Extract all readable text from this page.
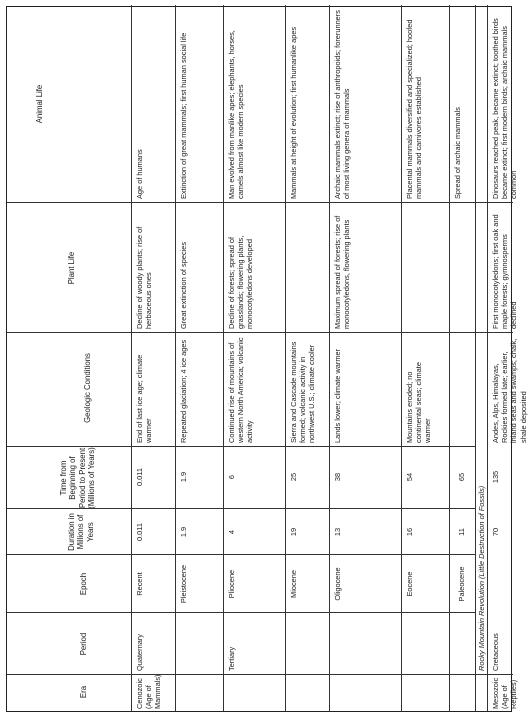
Era
Period
Epoch
Duration in Millions of Years
Time from Beginning of Period to Present (Millions of Years)
Geologic Conditions
Plant Life
Animal Life
Cenozoic (Age of Mammals)
Quaternary	Tertiary
Recent
0.011
0.011
End of last ice age; climate warmer
Decline of woody plants; rise of herbaceous ones
Age of humans
Pleistocene
1.9
1.9
Repeated glaciation; 4 ice ages
Great extinction of species
Extinction of great mammals; first human social life
Pliocene
4
6
Continued rise of mountains of western North America; volcanic activity
Decline of forests; spread of grasslands; flowering plants, monocotyledons developed
Man evolved from manlike apes; elephants, horses, camels almost like modern species
Miocene
19
25
Sierra and Cascade mountains formed; volcanic activity in northwest U.S.; climate cooler
Mammals at height of evolution; first humanlike apes
Oligocene
13
38
Lands lower; climate warmer
Maximum spread of forests; rise of monocotyledons, flowering plants
Archaic mammals extinct; rise of anthropoids; forerunners of most living genera of mammals
Eocene
16
54
Mountains eroded; no continental seas; climate warmer
Placental mammals diversified and specialized; hoofed mammals and carnivores established
Paleocene
11
65
Spread of archaic mammals
Rocky Mountain Revolution (Little Destruction of Fossils)
Mesozoic (Age of Reptiles)
Cretaceous
70
135
Andes, Alps, Himalayas, Rockies formed late; earlier, inland seas and swamps; chalk, shale deposited
First monocotyledons; first oak and maple forests; gymnosperms declined
Dinosaurs reached peak, became extinct; toothed birds became extinct; first modern birds; archaic mammals common
